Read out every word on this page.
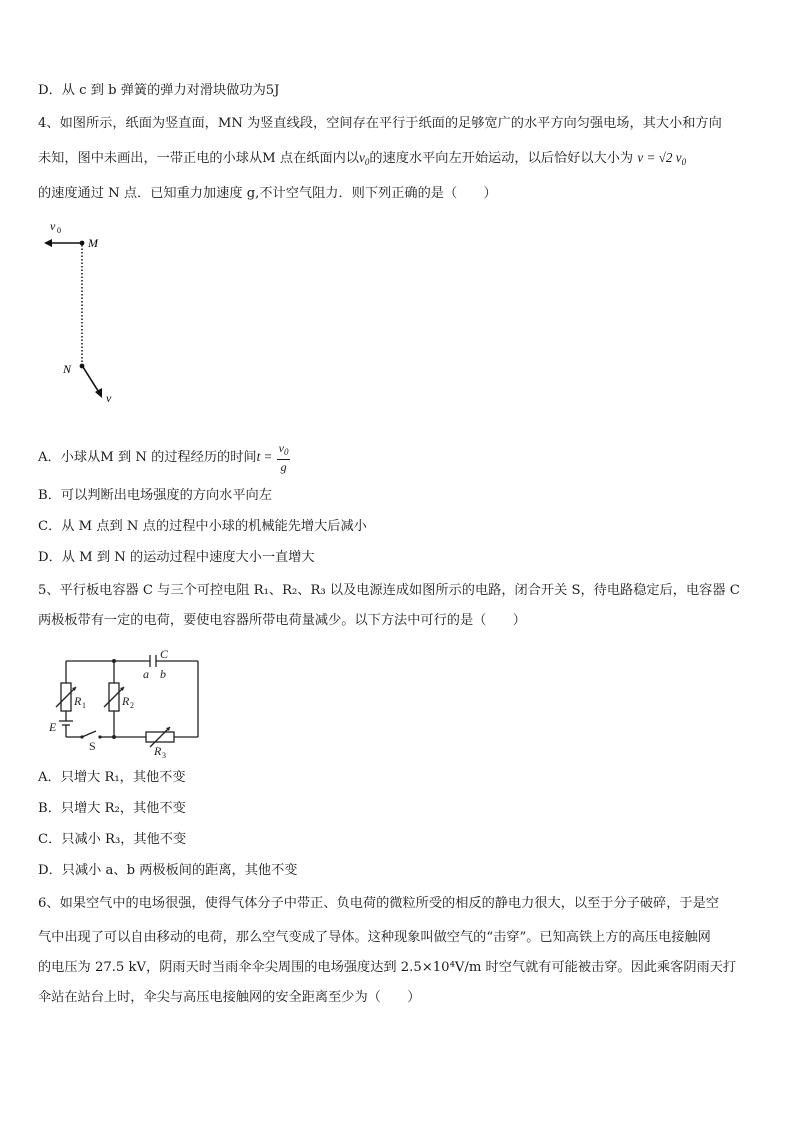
D．从 c 到 b 弹簧的弹力对滑块做功为5J
4、如图所示，纸面为竖直面，MN 为竖直线段，空间存在平行于纸面的足够宽广的水平方向匀强电场，其大小和方向
未知，图中未画出，一带正电的小球从M 点在纸面内以$v_0$的速度水平向左开始运动，以后恰好以大小为 v = √2 $v_0$
的速度通过 N 点．已知重力加速度 g,不计空气阻力．则下列正确的是（　　）
v 0
M
N
v
A．小球从M 到 N 的过程经历的时间$t = \frac{v_0}{g}$
B．可以判断出电场强度的方向水平向左
C．从 M 点到 N 点的过程中小球的机械能先增大后减小
D．从 M 到 N 的运动过程中速度大小一直增大
5、平行板电容器 C 与三个可控电阻 R₁、R₂、R₃ 以及电源连成如图所示的电路，闭合开关 S，待电路稳定后，电容器 C
两极板带有一定的电荷，要使电容器所带电荷量减少。以下方法中可行的是（　　）
C
a b
R	R
R
E
1	2
3
S
A．只增大 R₁，其他不变
B．只增大 R₂，其他不变
C．只减小 R₃，其他不变
D．只减小 a、b 两极板间的距离，其他不变
6、如果空气中的电场很强，使得气体分子中带正、负电荷的微粒所受的相反的静电力很大，以至于分子破碎，于是空
气中出现了可以自由移动的电荷，那么空气变成了导体。这种现象叫做空气的“击穿”。已知高铁上方的高压电接触网
的电压为 27.5 kV，阴雨天时当雨伞伞尖周围的电场强度达到 2.5×10⁴V/m 时空气就有可能被击穿。因此乘客阴雨天打
伞站在站台上时，伞尖与高压电接触网的安全距离至少为（　　）
